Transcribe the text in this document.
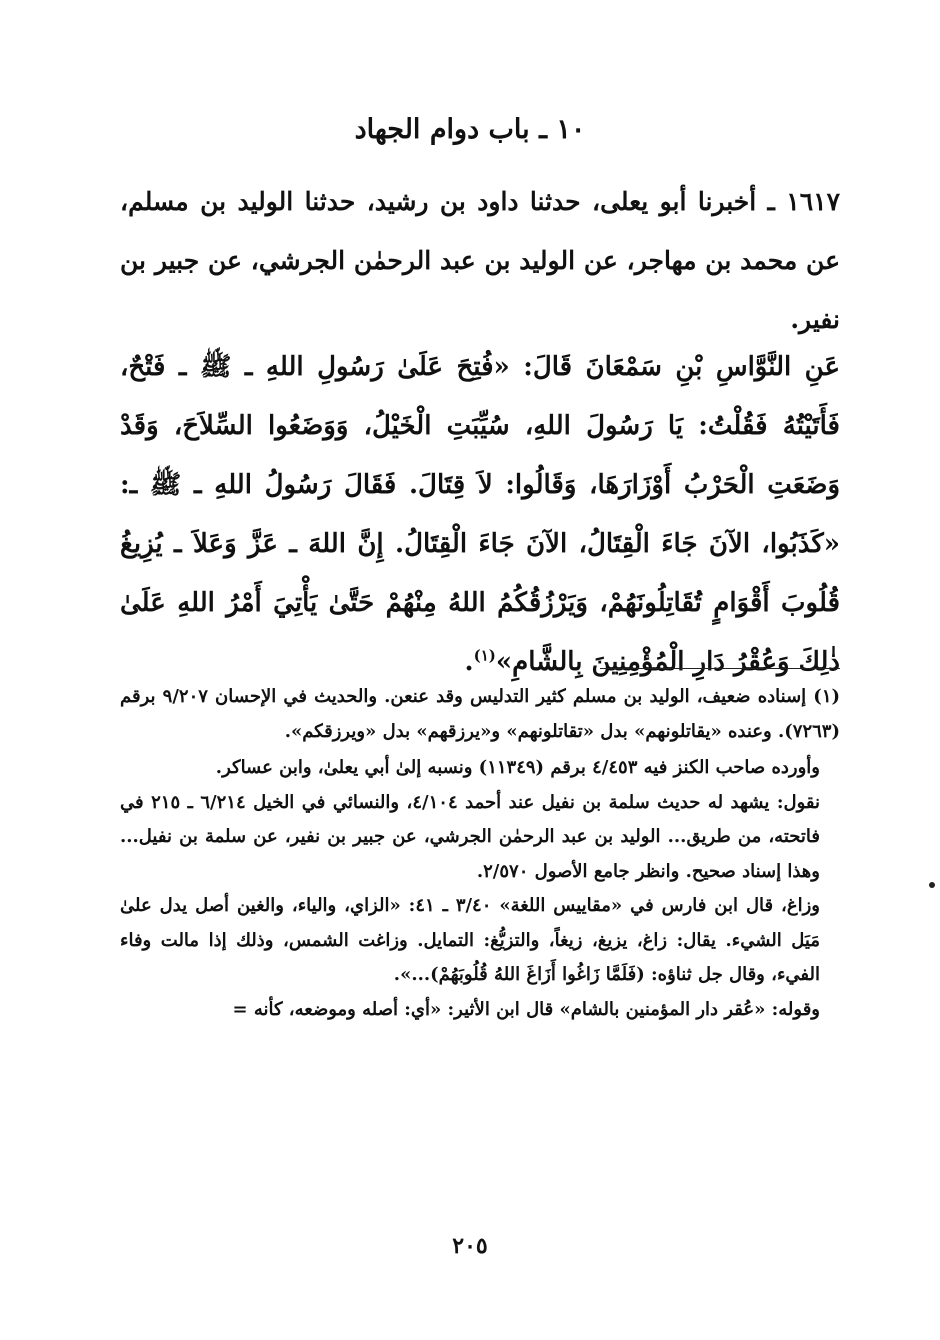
١٠ ـ باب دوام الجهاد

١٦١٧ ـ أخبرنا أبو يعلى، حدثنا داود بن رشيد، حدثنا الوليد بن مسلم، عن محمد بن مهاجر، عن الوليد بن عبد الرحمٰن الجرشي، عن جبير بن نفير.

عَنِ النَّوَّاسِ بْنِ سَمْعَانَ قَالَ: «فُتِحَ عَلَىٰ رَسُولِ اللهِ ـ ﷺ ـ فَتْحٌ، فَأَتَيْتُهُ فَقُلْتُ: يَا رَسُولَ اللهِ، سُيِّبَتِ الْخَيْلُ، وَوَضَعُوا السِّلاَحَ، وَقَدْ وَضَعَتِ الْحَرْبُ أَوْزَارَهَا، وَقَالُوا: لاَ قِتَالَ. فَقَالَ رَسُولُ اللهِ ـ ﷺ ـ: «كَذَبُوا، الآنَ جَاءَ الْقِتَالُ، الآنَ جَاءَ الْقِتَالُ. إِنَّ اللهَ ـ عَزَّ وَعَلاَ ـ يُزِيغُ قُلُوبَ أَقْوَامٍ تُقَاتِلُونَهُمْ، وَيَرْزُقُكُمُ اللهُ مِنْهُمْ حَتَّىٰ يَأْتِيَ أَمْرُ اللهِ عَلَىٰ ذٰلِكَ وَعُقْرُ دَارِ الْمُؤْمِنِينَ بِالشَّامِ»$^{(١)}$.

(١) إسناده ضعيف، الوليد بن مسلم كثير التدليس وقد عنعن. والحديث في الإحسان ٩/٢٠٧ برقم (٧٢٦٣). وعنده «يقاتلونهم» بدل «تقاتلونهم» و«يرزقهم» بدل «ويرزقكم».

وأورده صاحب الكنز فيه ٤/٤٥٣ برقم (١١٣٤٩) ونسبه إلىٰ أبي يعلىٰ، وابن عساكر.

نقول: يشهد له حديث سلمة بن نفيل عند أحمد ٤/١٠٤، والنسائي في الخيل ٦/٢١٤ ـ ٢١٥ في فاتحته، من طريق... الوليد بن عبد الرحمٰن الجرشي، عن جبير بن نفير، عن سلمة بن نفيل... وهذا إسناد صحيح. وانظر جامع الأصول ٢/٥٧٠.

وزاغ، قال ابن فارس في «مقاييس اللغة» ٣/٤٠ ـ ٤١: «الزاي، والياء، والغين أصل يدل علىٰ مَيَل الشيء. يقال: زاغ، يزيغ، زيغاً، والتزيُّغ: التمايل. وزاغت الشمس، وذلك إذا مالت وفاء الفيء، وقال جل ثناؤه: (فَلَمَّا زَاغُوا أَزَاغَ اللهُ قُلُوبَهُمْ)...».

وقوله: «عُقر دار المؤمنين بالشام» قال ابن الأثير: «أي: أصله وموضعه، كأنه =

٢٠٥
